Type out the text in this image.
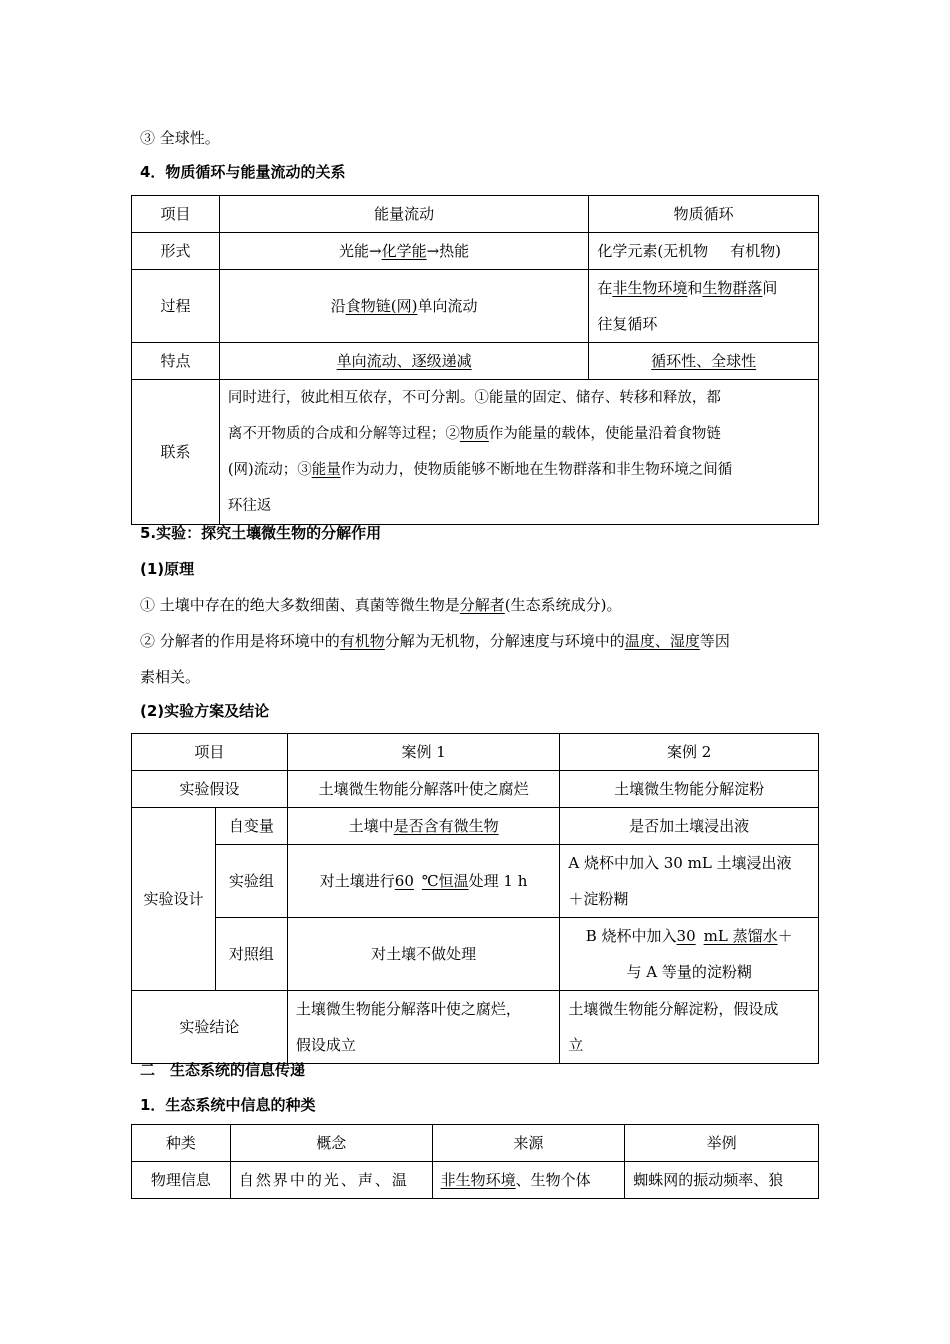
③ 全球性。
4．物质循环与能量流动的关系
项目	能量流动	物质循环
形式	光能→化学能→热能	化学元素(无机物 有机物)
过程	沿食物链(网)单向流动	在非生物环境和生物群落间
往复循环
特点	单向流动、逐级递减	循环性、全球性
联系	同时进行，彼此相互依存，不可分割。①能量的固定、储存、转移和释放，都
离不开物质的合成和分解等过程；②物质作为能量的载体，使能量沿着食物链
(网)流动；③能量作为动力，使物质能够不断地在生物群落和非生物环境之间循
环往返	
5.实验：探究土壤微生物的分解作用
(1)原理
① 土壤中存在的绝大多数细菌、真菌等微生物是分解者(生态系统成分)。
② 分解者的作用是将环境中的有机物分解为无机物，分解速度与环境中的温度、湿度等因
素相关。
(2)实验方案及结论
项目		案例 1	案例 2
实验假设		土壤微生物能分解落叶使之腐烂	土壤微生物能分解淀粉
实验设计	自变量	土壤中是否含有微生物	是否加土壤浸出液
	实验组	对土壤进行60 ℃恒温处理 1 h	A 烧杯中加入 30 mL 土壤浸出液
＋淀粉糊
	对照组	对土壤不做处理	B 烧杯中加入30 mL 蒸馏水＋
与 A 等量的淀粉糊
实验结论		土壤微生物能分解落叶使之腐烂，
假设成立	土壤微生物能分解淀粉，假设成
立
二　生态系统的信息传递
1．生态系统中信息的种类
种类	概念	来源	举例
物理信息	自然界中的光、声、温	非生物环境、生物个体	蜘蛛网的振动频率、狼
